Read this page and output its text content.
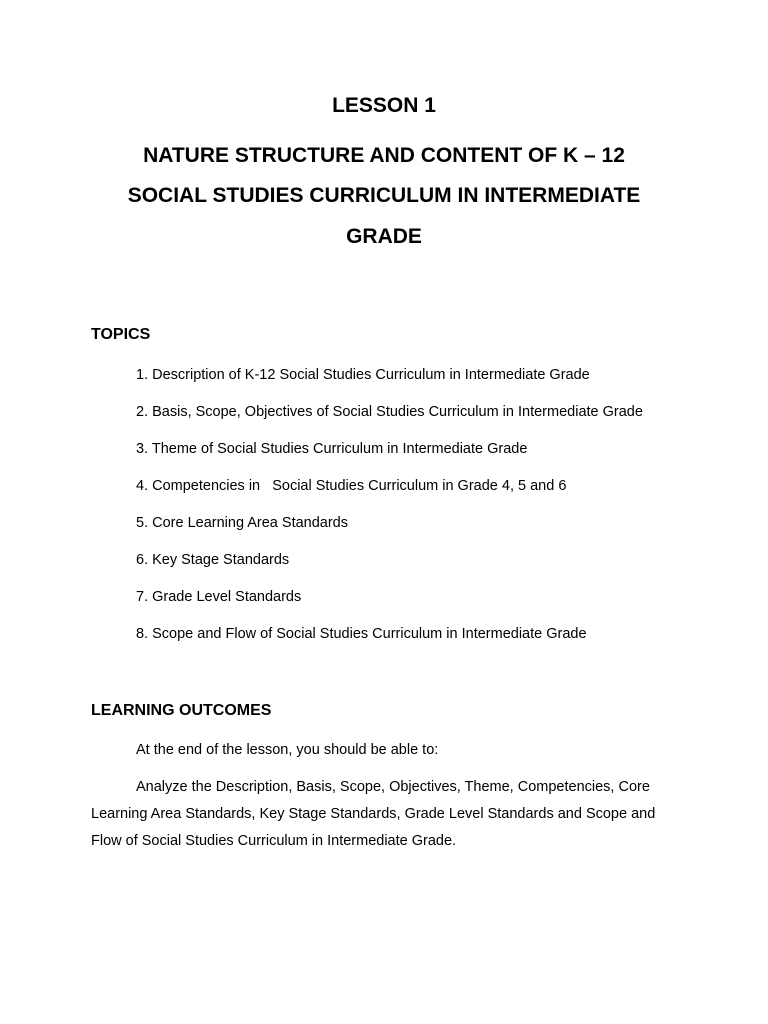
LESSON 1
NATURE STRUCTURE AND CONTENT OF K – 12
SOCIAL STUDIES CURRICULUM IN INTERMEDIATE
GRADE
TOPICS
1. Description of K-12 Social Studies Curriculum in Intermediate Grade
2. Basis, Scope, Objectives of Social Studies Curriculum in Intermediate Grade
3. Theme of Social Studies Curriculum in Intermediate Grade
4. Competencies in   Social Studies Curriculum in Grade 4, 5 and 6
5. Core Learning Area Standards
6. Key Stage Standards
7. Grade Level Standards
8. Scope and Flow of Social Studies Curriculum in Intermediate Grade
LEARNING OUTCOMES
At the end of the lesson, you should be able to:
Analyze the Description, Basis, Scope, Objectives, Theme, Competencies, Core
Learning Area Standards, Key Stage Standards, Grade Level Standards and Scope and
Flow of Social Studies Curriculum in Intermediate Grade.
